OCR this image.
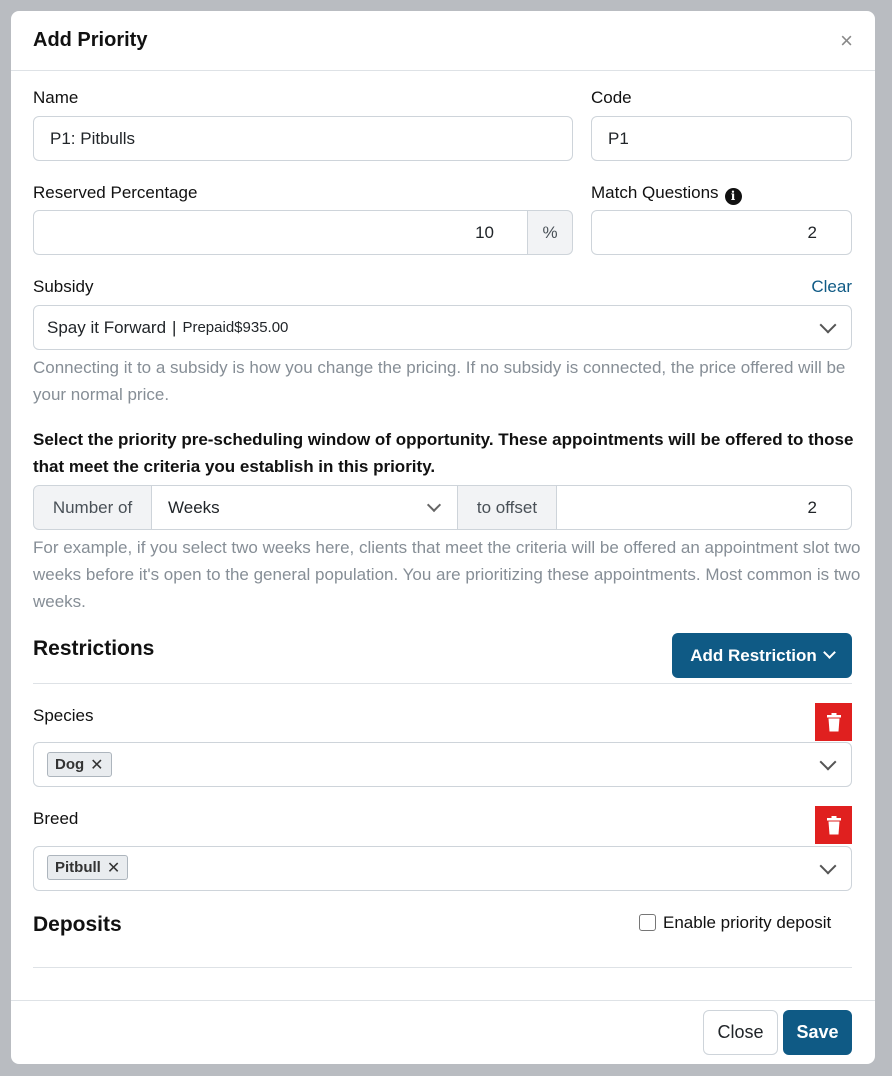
Add Priority	×
Name
P1: Pitbulls
Code
P1
Reserved Percentage
10	%
Match Questions i
2
Subsidy	Clear
Spay it Forward | Prepaid$935.00
Connecting it to a subsidy is how you change the pricing. If no subsidy is connected, the price offered will be your normal price.
Select the priority pre-scheduling window of opportunity. These appointments will be offered to those that meet the criteria you establish in this priority.
Number of	Weeks	to offset	2
For example, if you select two weeks here, clients that meet the criteria will be offered an appointment slot two weeks before it's open to the general population. You are prioritizing these appointments. Most common is two weeks.
Restrictions	Add Restriction
Species
Dog ✕
Breed
Pitbull ✕
Deposits	Enable priority deposit
Close	Save
